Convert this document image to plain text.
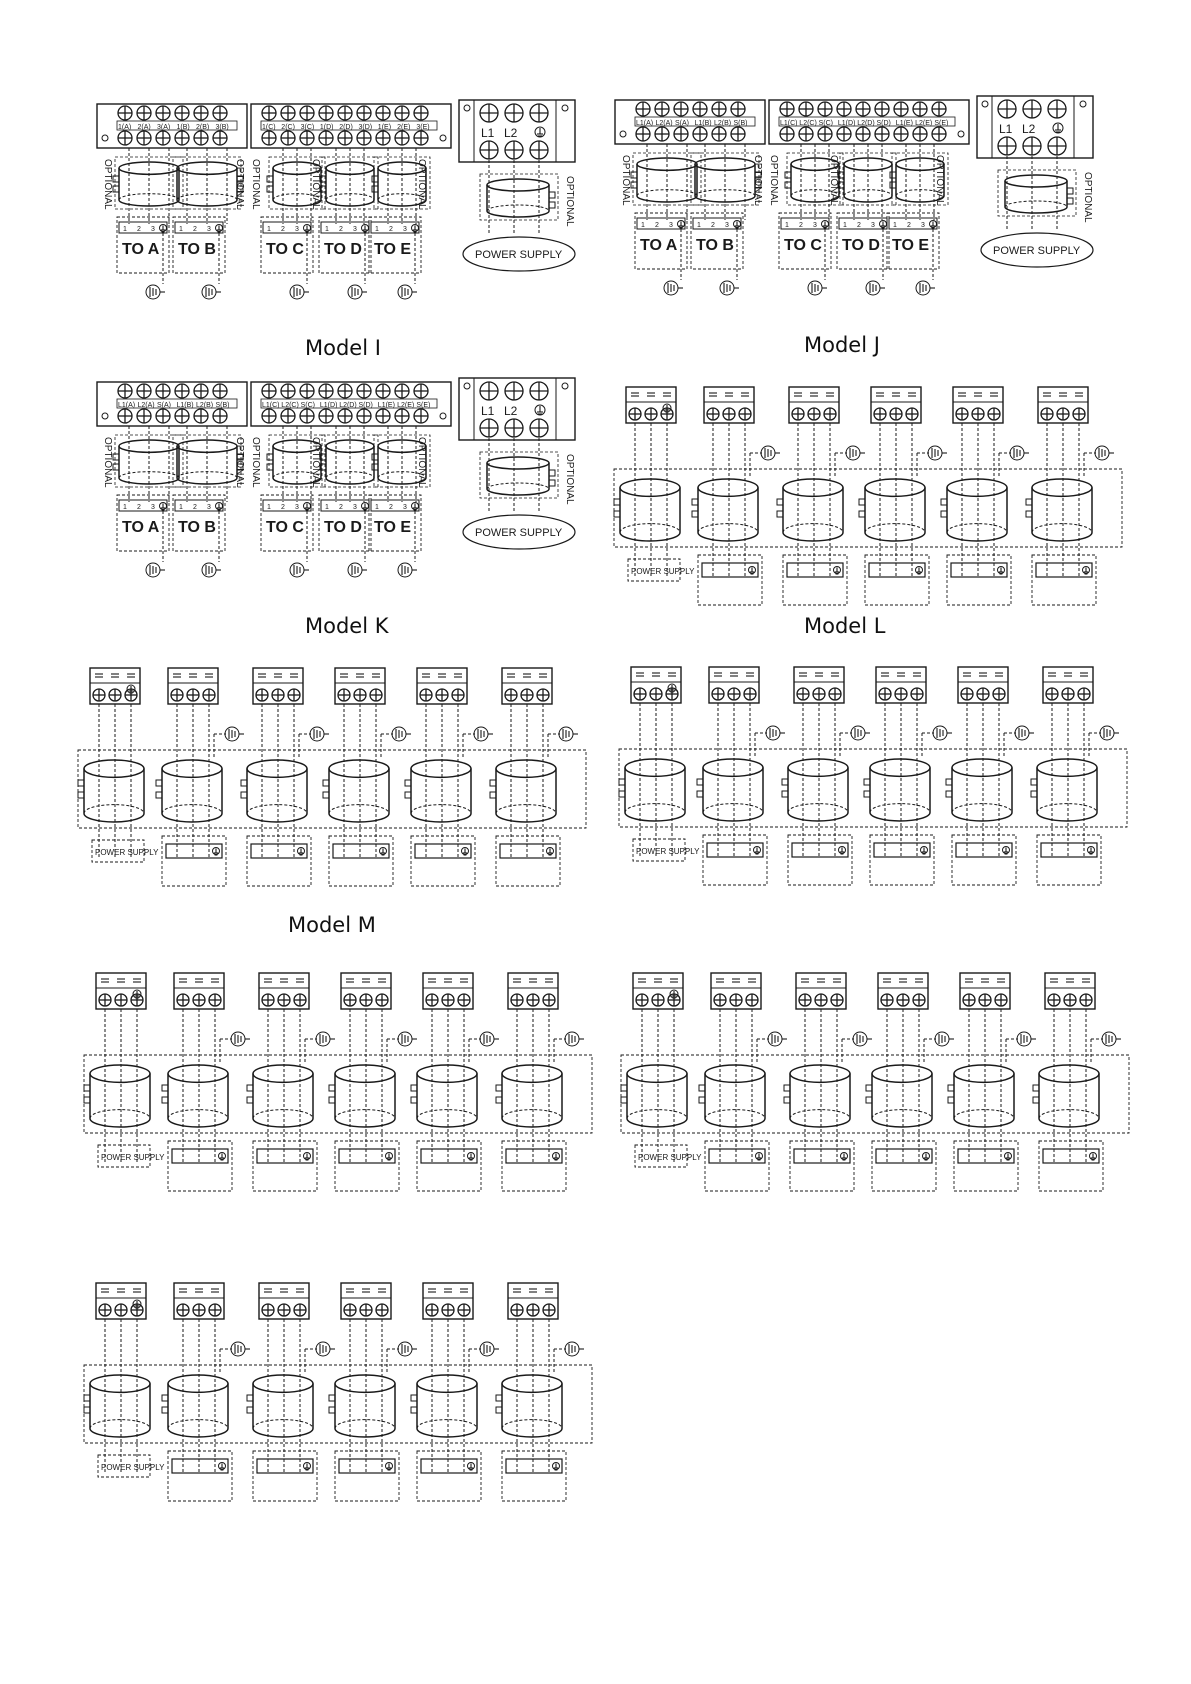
1(A) 2(A) 3(A) 1(B) 2(B) 3(B)	1(C) 2(C) 3(C) 1(D) 2(D) 3(D) 1(E) 2(E) 3(E)	L1 L2
OPTIONAL	OPTIONAL OPTIONAL	OPTIONAL	OPTIONAL
1 2 3
TO A
1 2 3
TO B
1 2 3
TO C
1 2 3
TO D
1 2 3
TO E
OPTIONAL
POWER SUPPLY
L1(A) L2(A) S(A) L1(B) L2(B) S(B)	L1(C) L2(C) S(C) L1(D) L2(D) S(D) L1(E) L2(E) S(E)	L1 L2
OPTIONAL	OPTIONAL OPTIONAL	OPTIONAL	OPTIONAL
1 2 3
TO A
1 2 3
TO B
1 2 3
TO C
1 2 3
TO D
1 2 3
TO E
OPTIONAL
POWER SUPPLY
L1(A) L2(A) S(A) L1(B) L2(B) S(B)	L1(C) L2(C) S(C) L1(D) L2(D) S(D) L1(E) L2(E) S(E)	L1 L2
OPTIONAL	OPTIONAL OPTIONAL	OPTIONAL	OPTIONAL
1 2 3
TO A
1 2 3
TO B
1 2 3
TO C
1 2 3
TO D
1 2 3
TO E
OPTIONAL
POWER SUPPLY
POWER SUPPLY
POWER SUPPLY	POWER SUPPLY
POWER SUPPLY	POWER SUPPLY
POWER SUPPLY
Model I	Model J
Model K	Model L
Model M
